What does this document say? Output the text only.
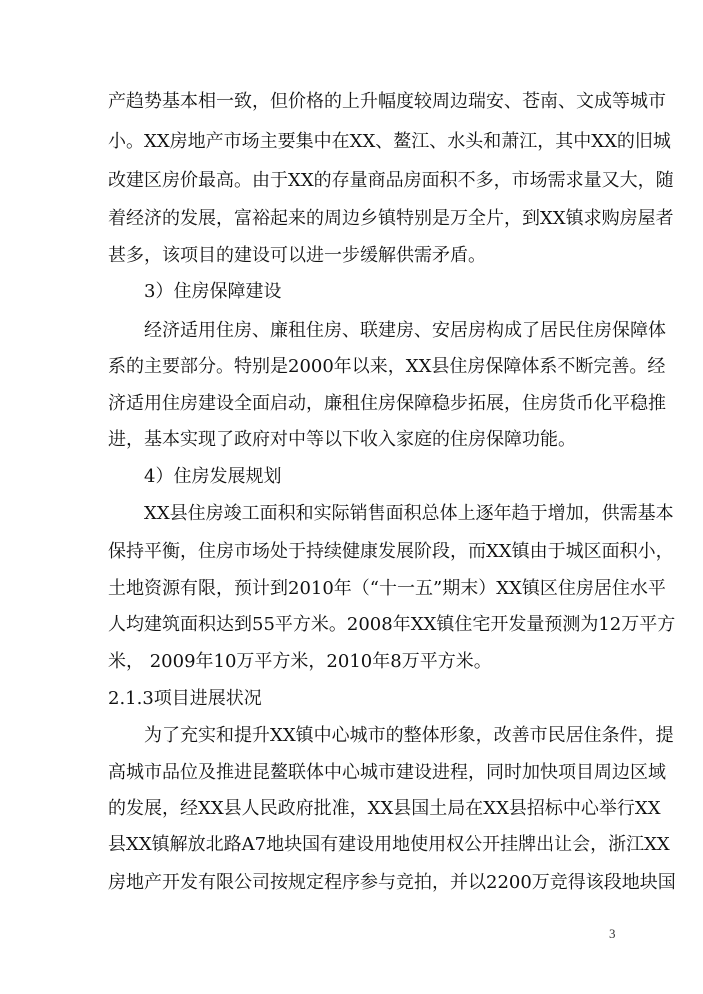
产趋势基本相一致，但价格的上升幅度较周边瑞安、苍南、文成等城市
小。XX房地产市场主要集中在XX、鳌江、水头和萧江，其中XX的旧城
改建区房价最高。由于XX的存量商品房面积不多，市场需求量又大，随
着经济的发展，富裕起来的周边乡镇特别是万全片，到XX镇求购房屋者
甚多，该项目的建设可以进一步缓解供需矛盾。
3）住房保障建设
经济适用住房、廉租住房、联建房、安居房构成了居民住房保障体
系的主要部分。特别是2000年以来，XX县住房保障体系不断完善。经
济适用住房建设全面启动，廉租住房保障稳步拓展，住房货币化平稳推
进，基本实现了政府对中等以下收入家庭的住房保障功能。
4）住房发展规划
XX县住房竣工面积和实际销售面积总体上逐年趋于增加，供需基本
保持平衡，住房市场处于持续健康发展阶段，而XX镇由于城区面积小，
土地资源有限，预计到2010年（“十一五”期末）XX镇区住房居住水平
人均建筑面积达到55平方米。2008年XX镇住宅开发量预测为12万平方
米， 2009年10万平方米，2010年8万平方米。
2.1.3项目进展状况
为了充实和提升XX镇中心城市的整体形象，改善市民居住条件，提
高城市品位及推进昆鳌联体中心城市建设进程，同时加快项目周边区域
的发展，经XX县人民政府批准，XX县国土局在XX县招标中心举行XX
县XX镇解放北路A7地块国有建设用地使用权公开挂牌出让会，浙江XX
房地产开发有限公司按规定程序参与竞拍，并以2200万竞得该段地块国
3
